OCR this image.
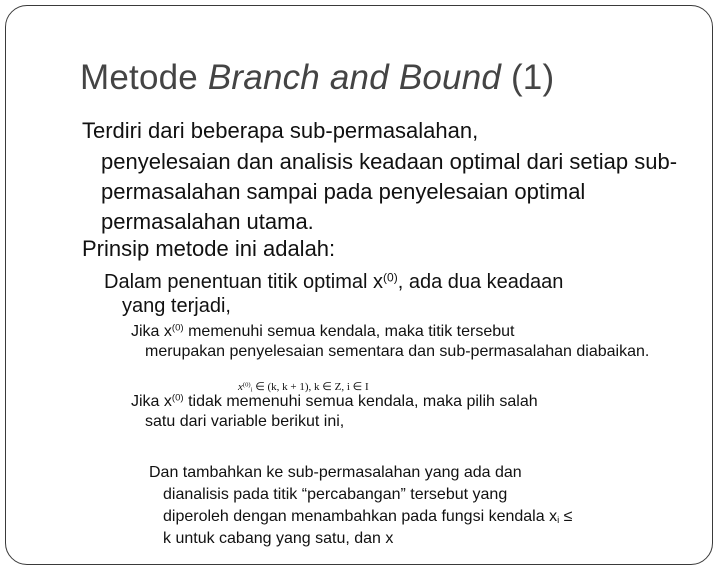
Metode Branch and Bound (1)
Terdiri dari beberapa sub-permasalahan,
penyelesaian dan analisis keadaan optimal dari setiap sub-permasalahan sampai pada penyelesaian optimal permasalahan utama.
Prinsip metode ini adalah:
Dalam penentuan titik optimal $x^{(0)}$, ada dua keadaan
yang terjadi,
Jika $x^{(0)}$ memenuhi semua kendala, maka titik tersebut
merupakan penyelesaian sementara dan sub-permasalahan diabaikan.
$x^{(0)}_i$ ∈ (k, k + 1), k ∈ Z, i ∈ I
Jika $x^{(0)}$ tidak memenuhi semua kendala, maka pilih salah
satu dari variable berikut ini,
Dan tambahkan ke sub-permasalahan yang ada dan
dianalisis pada titik “percabangan” tersebut yang
diperoleh dengan menambahkan pada fungsi kendala $x_i$ ≤
k untuk cabang yang satu, dan x
